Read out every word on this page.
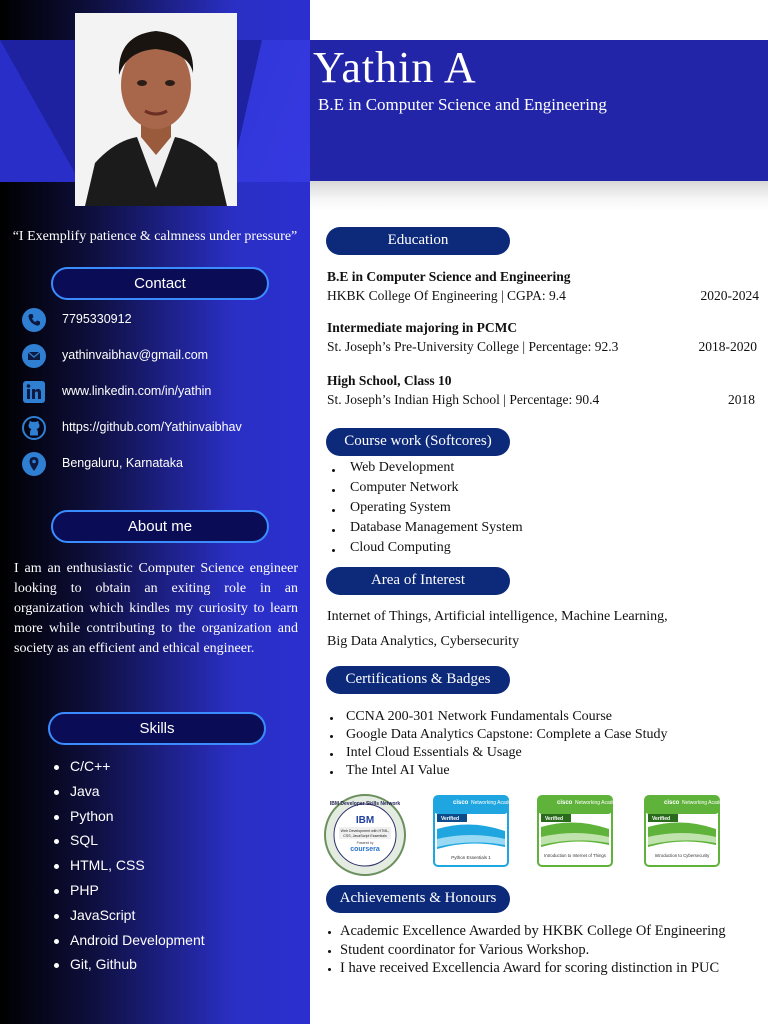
Yathin A
B.E in Computer Science and Engineering
“I Exemplify patience & calmness under pressure”
Contact
7795330912
yathinvaibhav@gmail.com
www.linkedin.com/in/yathin
https://github.com/Yathinvaibhav
Bengaluru, Karnataka
About me
I am an enthusiastic Computer Science engineer looking to obtain an exiting role in an organization which kindles my curiosity to learn more while contributing to the organization and society as an efficient and ethical engineer.
Skills
C/C++
Java
Python
SQL
HTML, CSS
PHP
JavaScript
Android Development
Git, Github
Education
B.E in Computer Science and Engineering
HKBK College Of Engineering | CGPA: 9.4	2020-2024
Intermediate majoring in PCMC
St. Joseph’s Pre-University College | Percentage: 92.3	2018-2020
High School, Class 10
St. Joseph’s Indian High School | Percentage: 90.4	2018
Course work (Softcores)
Web Development
Computer Network
Operating System
Database Management System
Cloud Computing
Area of Interest
Internet of Things, Artificial intelligence, Machine Learning,
Big Data Analytics, Cybersecurity
Certifications & Badges
CCNA 200-301 Network Fundamentals Course
Google Data Analytics Capstone: Complete a Case Study
Intel Cloud Essentials & Usage
The Intel AI Value
IBM Developer Skills Network
IBM
Web Development with HTML,
CSS, JavaScript Essentials
Powered by
coursera
cisco Networking Academy
Verified
Python Essentials 1
cisco Networking Academy
Verified
Introduction to Internet of Things
cisco Networking Academy
Verified
Introduction to Cybersecurity
Achievements & Honours
Academic Excellence Awarded by HKBK College Of Engineering
Student coordinator for Various Workshop.
I have received Excellencia Award for scoring distinction in PUC
